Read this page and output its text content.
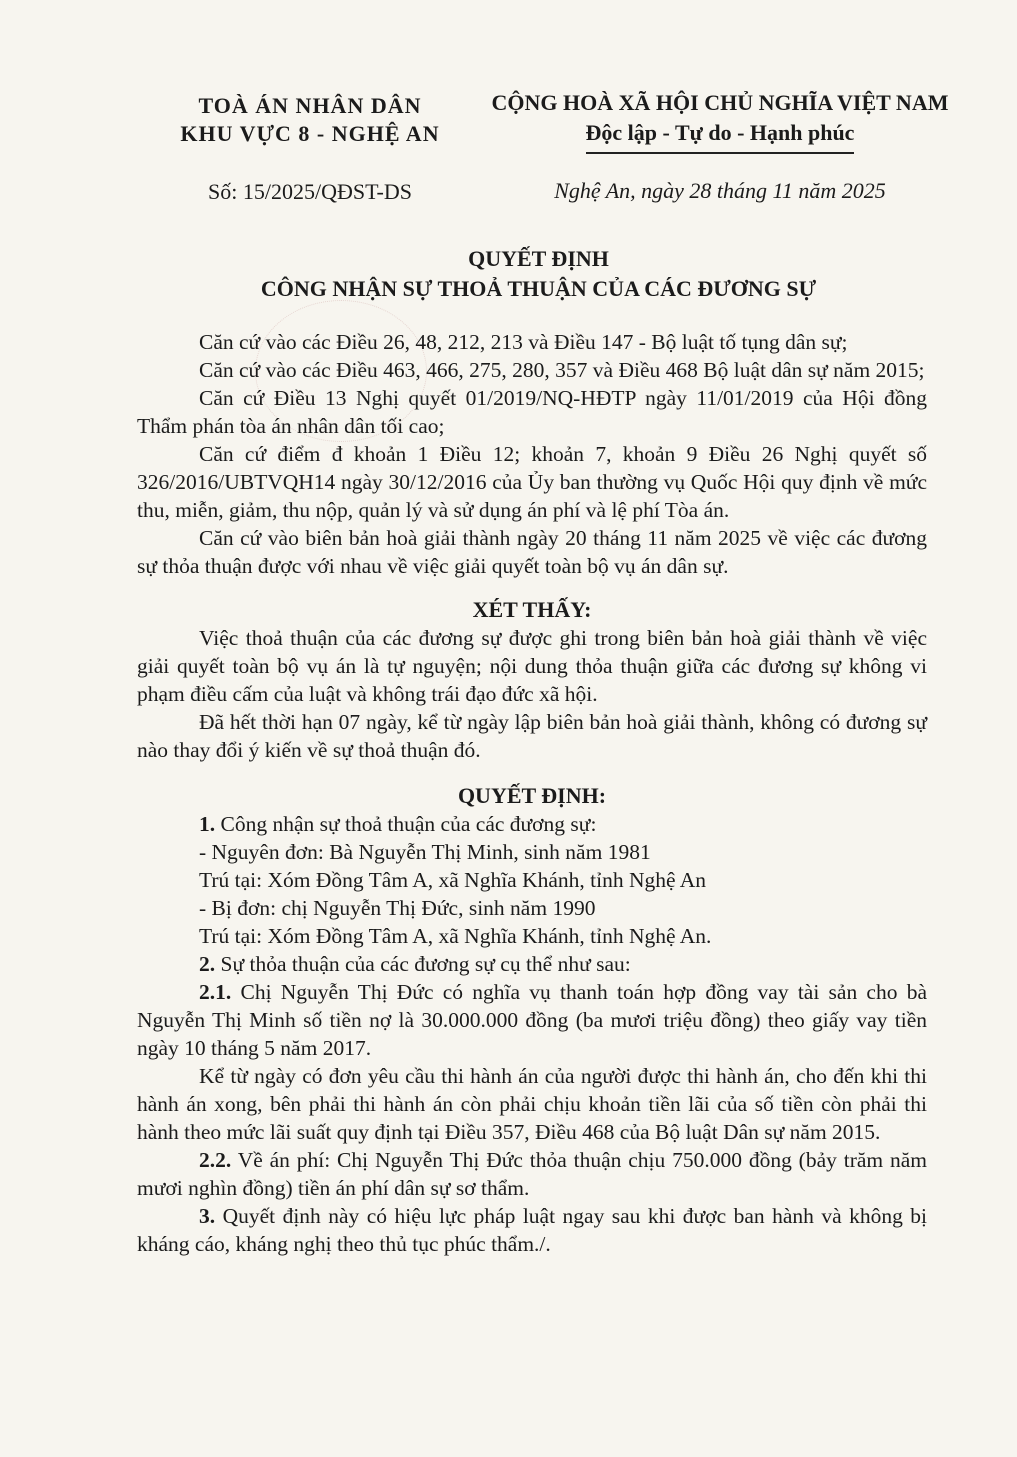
TOÀ ÁN NHÂN DÂN
KHU VỰC 8 - NGHỆ AN
Số: 15/2025/QĐST-DS
CỘNG HOÀ XÃ HỘI CHỦ NGHĨA VIỆT NAM
Độc lập - Tự do - Hạnh phúc
Nghệ An, ngày 28 tháng 11 năm 2025
QUYẾT ĐỊNH
CÔNG NHẬN SỰ THOẢ THUẬN CỦA CÁC ĐƯƠNG SỰ

Căn cứ vào các Điều 26, 48, 212, 213 và Điều 147 - Bộ luật tố tụng dân sự;

Căn cứ vào các Điều 463, 466, 275, 280, 357 và Điều 468 Bộ luật dân sự năm 2015;

Căn cứ Điều 13 Nghị quyết 01/2019/NQ-HĐTP ngày 11/01/2019 của Hội đồng Thẩm phán tòa án nhân dân tối cao;

Căn cứ điểm đ khoản 1 Điều 12; khoản 7, khoản 9 Điều 26 Nghị quyết số 326/2016/UBTVQH14 ngày 30/12/2016 của Ủy ban thường vụ Quốc Hội quy định về mức thu, miễn, giảm, thu nộp, quản lý và sử dụng án phí và lệ phí Tòa án.

Căn cứ vào biên bản hoà giải thành ngày 20 tháng 11 năm 2025 về việc các đương sự thỏa thuận được với nhau về việc giải quyết toàn bộ vụ án dân sự.

XÉT THẤY:

Việc thoả thuận của các đương sự được ghi trong biên bản hoà giải thành về việc giải quyết toàn bộ vụ án là tự nguyện; nội dung thỏa thuận giữa các đương sự không vi phạm điều cấm của luật và không trái đạo đức xã hội.

Đã hết thời hạn 07 ngày, kể từ ngày lập biên bản hoà giải thành, không có đương sự nào thay đổi ý kiến về sự thoả thuận đó.

QUYẾT ĐỊNH:

1. Công nhận sự thoả thuận của các đương sự:

- Nguyên đơn: Bà Nguyễn Thị Minh, sinh năm 1981

Trú tại: Xóm Đồng Tâm A, xã Nghĩa Khánh, tỉnh Nghệ An

- Bị đơn: chị Nguyễn Thị Đức, sinh năm 1990

Trú tại: Xóm Đồng Tâm A, xã Nghĩa Khánh, tỉnh Nghệ An.

2. Sự thỏa thuận của các đương sự cụ thể như sau:

2.1. Chị Nguyễn Thị Đức có nghĩa vụ thanh toán hợp đồng vay tài sản cho bà Nguyễn Thị Minh số tiền nợ là 30.000.000 đồng (ba mươi triệu đồng) theo giấy vay tiền ngày 10 tháng 5 năm 2017.

Kể từ ngày có đơn yêu cầu thi hành án của người được thi hành án, cho đến khi thi hành án xong, bên phải thi hành án còn phải chịu khoản tiền lãi của số tiền còn phải thi hành theo mức lãi suất quy định tại Điều 357, Điều 468 của Bộ luật Dân sự năm 2015.

2.2. Về án phí: Chị Nguyễn Thị Đức thỏa thuận chịu 750.000 đồng (bảy trăm năm mươi nghìn đồng) tiền án phí dân sự sơ thẩm.

3. Quyết định này có hiệu lực pháp luật ngay sau khi được ban hành và không bị kháng cáo, kháng nghị theo thủ tục phúc thẩm./.
